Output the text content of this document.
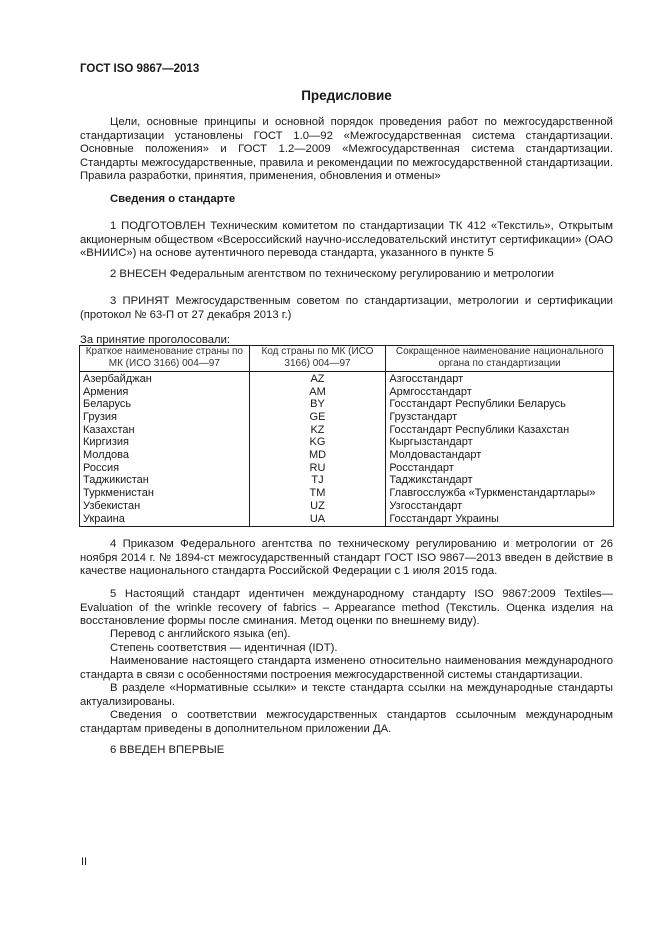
ГОСТ ISO 9867—2013
Предисловие

Цели, основные принципы и основной порядок проведения работ по межгосударственной стандартизации установлены ГОСТ 1.0—92 «Межгосударственная система стандартизации. Основные положения» и ГОСТ 1.2—2009 «Межгосударственная система стандартизации. Стандарты межгосударственные, правила и рекомендации по межгосударственной стандартизации. Правила разработки, принятия, применения, обновления и отмены»

Сведения о стандарте

1 ПОДГОТОВЛЕН Техническим комитетом по стандартизации ТК 412 «Текстиль», Открытым акционерным обществом «Всероссийский научно-исследовательский институт сертификации» (ОАО «ВНИИС») на основе аутентичного перевода стандарта, указанного в пункте 5

2 ВНЕСЕН Федеральным агентством по техническому регулированию и метрологии

3 ПРИНЯТ Межгосударственным советом по стандартизации, метрологии и сертификации (протокол № 63-П от 27 декабря 2013 г.)

За принятие проголосовали:
Краткое наименование страны по МК (ИСО 3166) 004—97	Код страны по МК (ИСО 3166) 004—97	Сокращенное наименование национального органа по стандартизации
Азербайджан	AZ	Азгосстандарт
Армения	AM	Армгосстандарт
Беларусь	BY	Госстандарт Республики Беларусь
Грузия	GE	Грузстандарт
Казахстан	KZ	Госстандарт Республики Казахстан
Киргизия	KG	Кыргызстандарт
Молдова	MD	Молдовастандарт
Россия	RU	Росстандарт
Таджикистан	TJ	Таджикстандарт
Туркменистан	TM	Главгосслужба «Туркменстандартлары»
Узбекистан	UZ	Узгосстандарт
Украина	UA	Госстандарт Украины

4 Приказом Федерального агентства по техническому регулированию и метрологии от 26 ноября 2014 г. № 1894-ст межгосударственный стандарт ГОСТ ISO 9867—2013 введен в действие в качестве национального стандарта Российской Федерации с 1 июля 2015 года.

5 Настоящий стандарт идентичен международному стандарту ISO 9867:2009 Textiles—Evaluation of the wrinkle recovery of fabrics – Appearance method (Текстиль. Оценка изделия на восстановление формы после сминания. Метод оценки по внешнему виду).

Перевод с английского языка (en).

Степень соответствия — идентичная (IDT).

Наименование настоящего стандарта изменено относительно наименования международного стандарта в связи с особенностями построения межгосударственной системы стандартизации.

В разделе «Нормативные ссылки» и тексте стандарта ссылки на международные стандарты актуализированы.

Сведения о соответствии межгосударственных стандартов ссылочным международным стандартам приведены в дополнительном приложении ДА.

6 ВВЕДЕН ВПЕРВЫЕ

II
